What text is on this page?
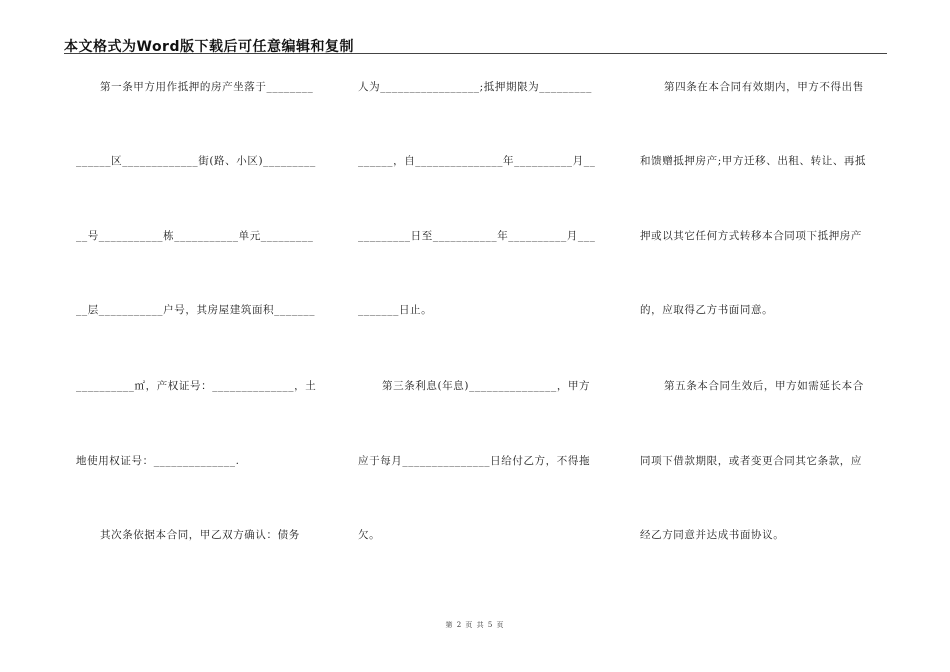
本文格式为Word版下载后可任意编辑和复制
第一条甲方用作抵押的房产坐落于________
______区_____________街(路、小区)_________
__号___________栋___________单元_________
__层___________户号，其房屋建筑面积_______
__________㎡，产权证号：______________，土
地使用权证号：______________.
其次条依据本合同，甲乙双方确认：债务
人为_________________;抵押期限为_________
______，自_______________年__________月__
_________日至___________年__________月___
_______日止。
第三条利息(年息)_______________，甲方
应于每月_______________日给付乙方，不得拖
欠。
第四条在本合同有效期内，甲方不得出售
和馈赠抵押房产;甲方迁移、出租、转让、再抵
押或以其它任何方式转移本合同项下抵押房产
的，应取得乙方书面同意。
第五条本合同生效后，甲方如需延长本合
同项下借款期限，或者变更合同其它条款，应
经乙方同意并达成书面协议。
第 2 页 共 5 页
